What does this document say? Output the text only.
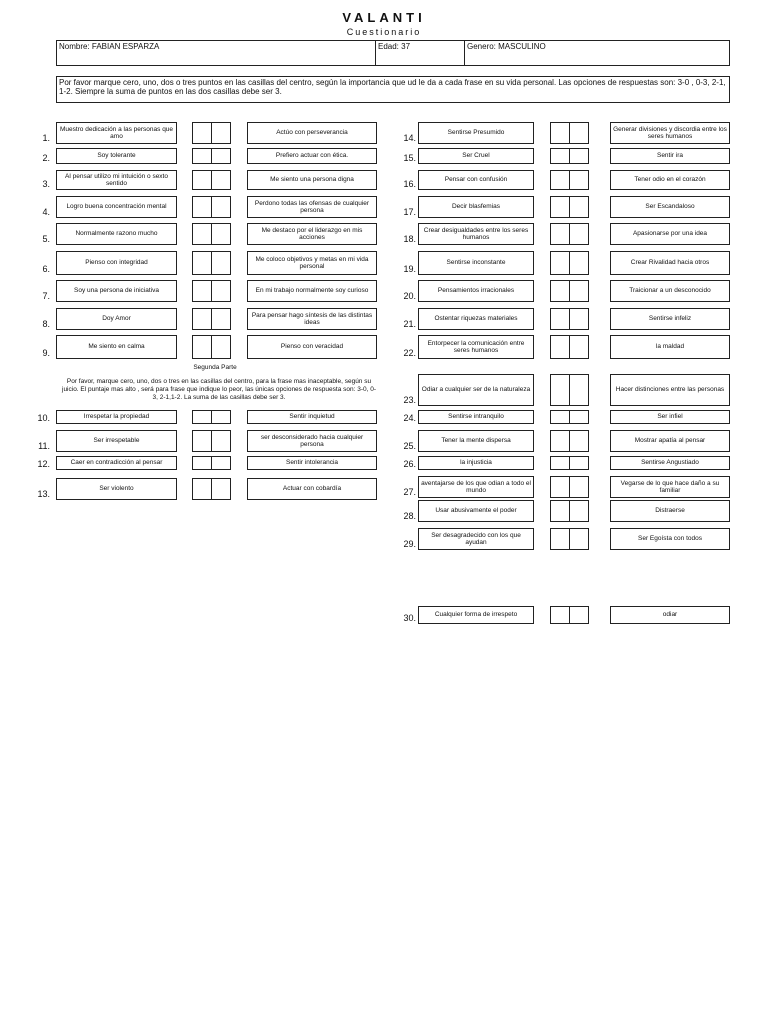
VALANTI
Cuestionario
Nombre: FABIAN ESPARZA	Edad: 37	Genero: MASCULINO
Por favor marque cero, uno, dos o tres puntos en las casillas del centro, según la importancia que ud le da a cada frase en su vida personal. Las opciones de respuestas son: 3-0 , 0-3, 2-1, 1-2. Siempre la suma de puntos en las dos casillas debe ser 3.
1.
Muestro dedicación a las personas que amo
Actúo con perseverancia
2.	Soy tolerante	Prefiero actuar con ética.
3.
Al pensar utilizo mi intuición o sexto sentido
Me siento una persona digna
4.
Logro buena concentración mental
Perdono todas las ofensas de cualquier persona
5.
Normalmente razono mucho
Me destaco por el liderazgo en mis acciones
6.
Pienso con integridad
Me coloco objetivos y metas en mi vida personal
7.
Soy una persona de iniciativa	En mi trabajo normalmente soy curioso
8.
Doy Amor
Para pensar hago síntesis de las distintas ideas
9.
Me siento en calma	Pienso con veracidad
10.	Irrespetar la propiedad	Sentir inquietud
11.
Ser irrespetable
ser desconsiderado hacia cualquier persona
12.	Caer en contradicción al pensar	Sentir intolerancia
13.
Ser violento	Actuar con cobardía
14.
Sentirse Presumido
Generar divisiones y discordia entre los seres humanos
15.	Ser Cruel	Sentir ira
16.	Pensar con confusión	Tener odio en el corazón
17.
Decir blasfemias	Ser Escandaloso
18.
Crear desigualdades entre los seres humanos
Apasionarse por una idea
19.
Sentirse inconstante	Crear Rivalidad hacia otros
20.
Pensamientos irracionales	Traicionar a un desconocido
21.
Ostentar riquezas materiales	Sentirse infeliz
22.
Entorpecer la comunicación entre seres humanos
la maldad
23.
Odiar a cualquier ser de la naturaleza	Hacer distinciones entre las personas
24.	Sentirse intranquilo	Ser infiel
25.
Tener la mente dispersa	Mostrar apatía al pensar
26.	la injusticia	Sentirse Angustiado
27.
aventajarse de los que odian a todo el mundo
Vegarse de lo que hace daño a su familiar
28.
Usar abusivamente el poder	Distraerse
29.
Ser desagradecido con los que ayudan
Ser Egoísta con todos
30.	Cualquier forma de irrespeto	odiar
Segunda Parte
Por favor, marque cero, uno, dos o tres en las casillas del centro, para la frase mas inaceptable, según su juicio. El puntaje mas alto , será para frase que indique lo peor, las únicas opciones de respuesta son: 3-0, 0-3, 2-1,1-2. La suma de las casillas debe ser 3.
